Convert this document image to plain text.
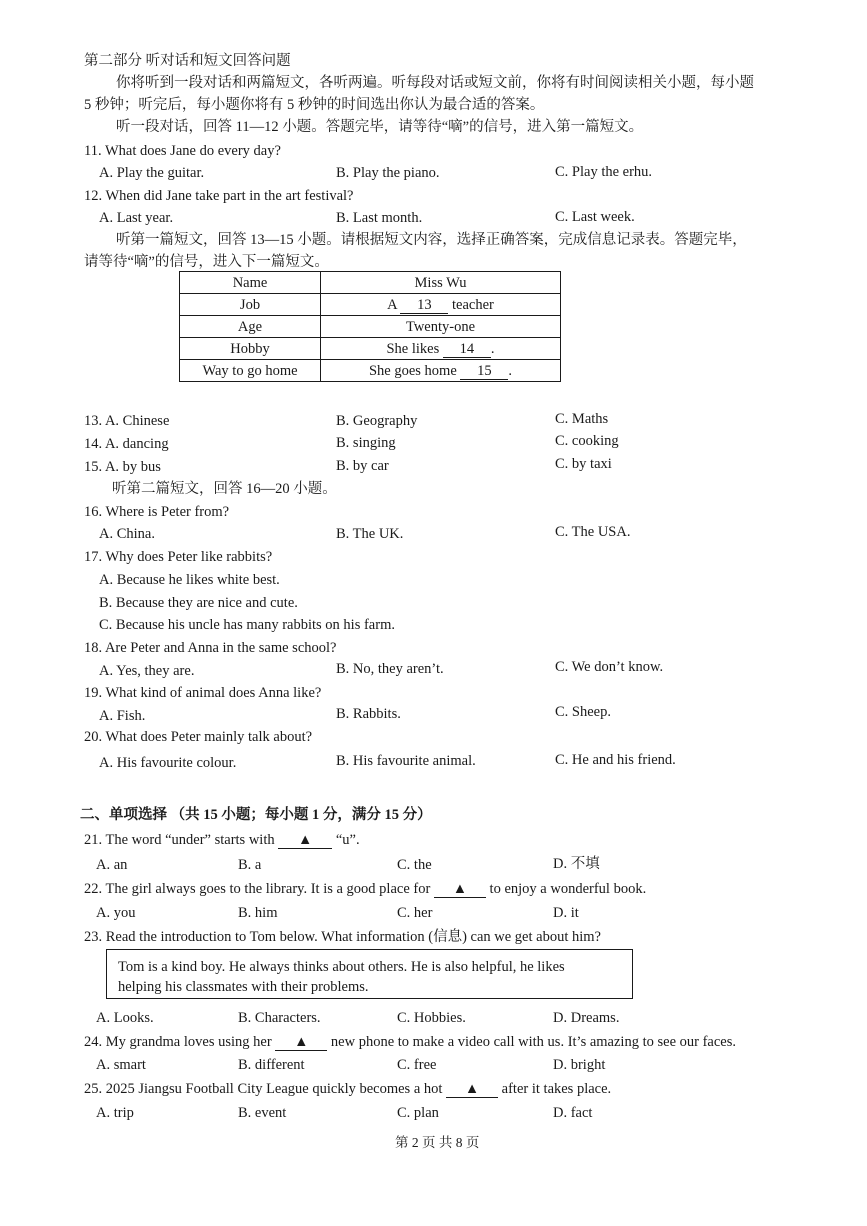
第二部分 听对话和短文回答问题
你将听到一段对话和两篇短文，各听两遍。听每段对话或短文前，你将有时间阅读相关小题，每小题
5 秒钟；听完后，每小题你将有 5 秒钟的时间选出你认为最合适的答案。
听一段对话，回答 11—12 小题。答题完毕，请等待“嘀”的信号，进入第一篇短文。
11. What does Jane do every day?
A. Play the guitar.	B. Play the piano.	C. Play the erhu.
12. When did Jane take part in the art festival?
A. Last year.	B. Last month.	C. Last week.
听第一篇短文，回答 13—15 小题。请根据短文内容，选择正确答案，完成信息记录表。答题完毕，
请等待“嘀”的信号，进入下一篇短文。
Name	Miss Wu
Job	A 13 teacher
Age	Twenty-one
Hobby	She likes 14 .
Way to go home	She goes home 15 .
13. A. Chinese	B. Geography	C. Maths
14. A. dancing	B. singing	C. cooking
15. A. by bus	B. by car	C. by taxi
听第二篇短文，回答 16—20 小题。
16. Where is Peter from?
A. China.	B. The UK.	C. The USA.
17. Why does Peter like rabbits?
A. Because he likes white best.
B. Because they are nice and cute.
C. Because his uncle has many rabbits on his farm.
18. Are Peter and Anna in the same school?
A. Yes, they are.	B. No, they aren’t.	C. We don’t know.
19. What kind of animal does Anna like?
A. Fish.	B. Rabbits.	C. Sheep.
20. What does Peter mainly talk about?
A. His favourite colour.	B. His favourite animal.	C. He and his friend.
二、单项选择 （共 15 小题；每小题 1 分，满分 15 分）
21. The word “under” starts with ▲ “u”.
A. an	B. a	C. the	D. 不填
22. The girl always goes to the library. It is a good place for ▲ to enjoy a wonderful book.
A. you	B. him	C. her	D. it
23. Read the introduction to Tom below. What information (信息) can we get about him?
Tom is a kind boy. He always thinks about others. He is also helpful, he likes
helping his classmates with their problems.
A. Looks.	B. Characters.	C. Hobbies.	D. Dreams.
24. My grandma loves using her ▲ new phone to make a video call with us. It’s amazing to see our faces.
A. smart	B. different	C. free	D. bright
25. 2025 Jiangsu Football City League quickly becomes a hot ▲ after it takes place.
A. trip	B. event	C. plan	D. fact
第 2 页 共 8 页
